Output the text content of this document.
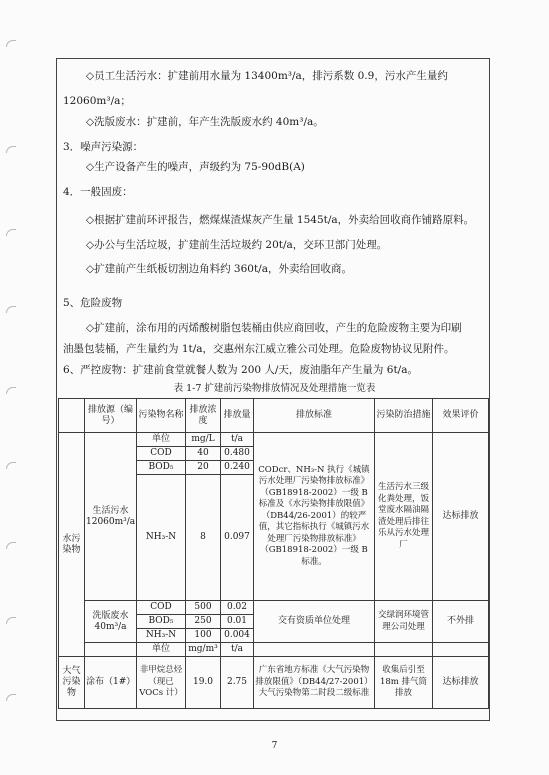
◇员工生活污水：扩建前用水量为 13400m³/a，排污系数 0.9，污水产生量约
12060m³/a；
◇洗版废水：扩建前，年产生洗版废水约 40m³/a。
3．噪声污染源：
◇生产设备产生的噪声，声级约为 75-90dB(A)
4．一般固废：
◇根据扩建前环评报告，燃煤煤渣煤灰产生量 1545t/a，外卖给回收商作铺路原料。
◇办公与生活垃圾，扩建前生活垃圾约 20t/a，交环卫部门处理。
◇扩建前产生纸板切割边角料约 360t/a，外卖给回收商。
5、危险废物
◇扩建前，涂布用的丙烯酸树脂包装桶由供应商回收，产生的危险废物主要为印刷
油墨包装桶，产生量约为 1t/a，交惠州东江威立雅公司处理。危险废物协议见附件。
6、严控废物：扩建前食堂就餐人数为 200 人/天，废油脂年产生量为 6t/a。
表 1-7 扩建前污染物排放情况及处理措施一览表
	排放源（编号）	污染物名称	排放浓度	排放量	排放标准	污染防治措施	效果评价
水污染物	生活污水12060m³/a	单位	mg/L	t/a	CODcr、NH₃-N 执行《城镇污水处理厂污染物排放标准》（GB18918-2002）一级 B 标准及《水污染物排放限值》（DB44/26-2001）的较严值，其它指标执行《城镇污水处理厂污染物排放标准》（GB18918-2002）一级 B 标准。	生活污水三级化粪处理，饭堂废水隔油隔渣处理后排往乐从污水处理厂	达标排放
		COD	40	0.480			
		BOD₅	20	0.240			
		NH₃-N	8	0.097			
	洗版废水40m³/a	COD	500	0.02	交有资质单位处理	交绿润环境管理公司处理	不外排
		BOD₅	250	0.01			
		NH₃-N	100	0.004			
		单位	mg/m³	t/a			
大气污染物	涂布（1#）	非甲烷总烃（现已 VOCs 计）	19.0	2.75	广东省地方标准《大气污染物排放限值》（DB44/27-2001）大气污染物第二时段二级标准	收集后引至 18m 排气筒排放	达标排放
7
